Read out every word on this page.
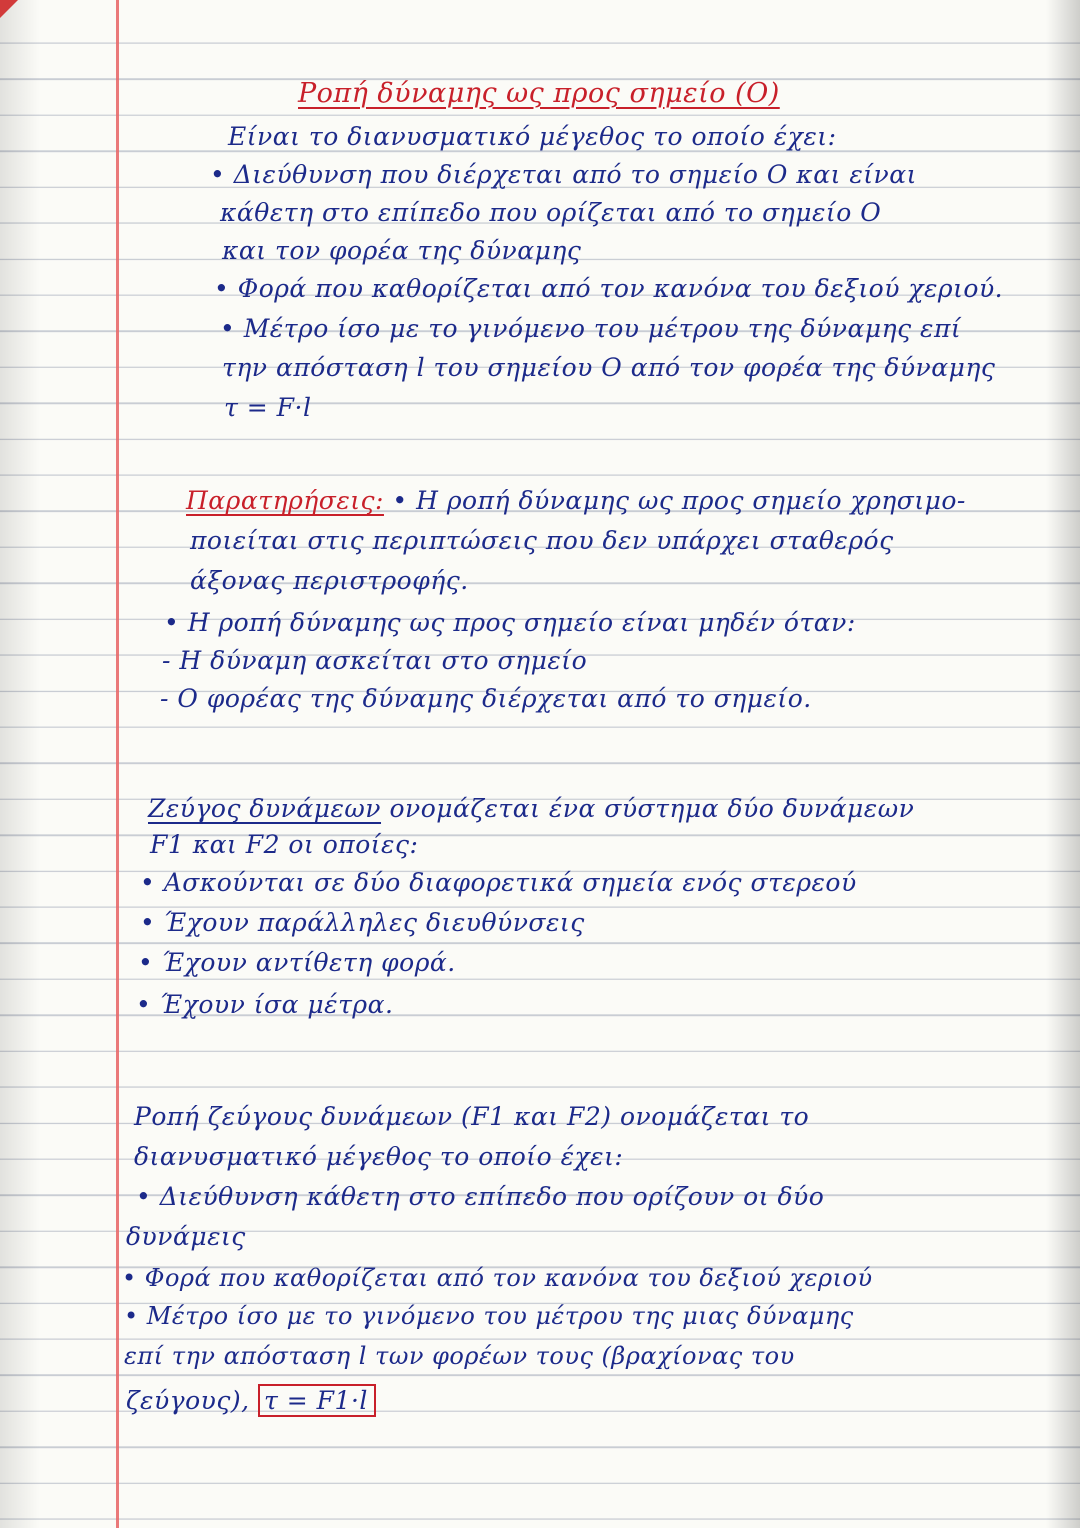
Ροπή δύναμης ως προς σημείο (Ο)
Είναι το διανυσματικό μέγεθος το οποίο έχει:
• Διεύθυνση που διέρχεται από το σημείο Ο και είναι
κάθετη στο επίπεδο που ορίζεται από το σημείο Ο
και τον φορέα της δύναμης
• Φορά που καθορίζεται από τον κανόνα του δεξιού χεριού.
• Μέτρο ίσο με το γινόμενο του μέτρου της δύναμης επί
την απόσταση l του σημείου Ο από τον φορέα της δύναμης
τ = F·l
Παρατηρήσεις: • Η ροπή δύναμης ως προς σημείο χρησιμο-
ποιείται στις περιπτώσεις που δεν υπάρχει σταθερός
άξονας περιστροφής.
• Η ροπή δύναμης ως προς σημείο είναι μηδέν όταν:
- Η δύναμη ασκείται στο σημείο
- Ο φορέας της δύναμης διέρχεται από το σημείο.
Ζεύγος δυνάμεων ονομάζεται ένα σύστημα δύο δυνάμεων
F1 και F2 οι οποίες:
• Ασκούνται σε δύο διαφορετικά σημεία ενός στερεού
• Έχουν παράλληλες διευθύνσεις
• Έχουν αντίθετη φορά.
• Έχουν ίσα μέτρα.
Ροπή ζεύγους δυνάμεων (F1 και F2) ονομάζεται το
διανυσματικό μέγεθος το οποίο έχει:
• Διεύθυνση κάθετη στο επίπεδο που ορίζουν οι δύο
δυνάμεις
• Φορά που καθορίζεται από τον κανόνα του δεξιού χεριού
• Μέτρο ίσο με το γινόμενο του μέτρου της μιας δύναμης
επί την απόσταση l των φορέων τους (βραχίονας του
ζεύγους), τ = F1·l
